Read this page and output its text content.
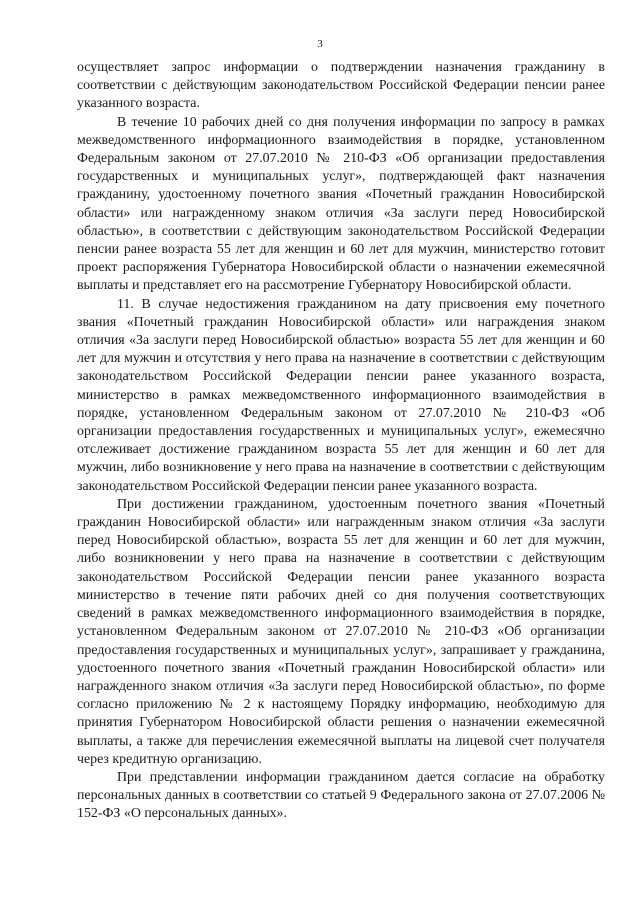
3

осуществляет запрос информации о подтверждении назначения гражданину в соответствии с действующим законодательством Российской Федерации пенсии ранее указанного возраста.

В течение 10 рабочих дней со дня получения информации по запросу в рамках межведомственного информационного взаимодействия в порядке, установленном Федеральным законом от 27.07.2010 № 210-ФЗ «Об организации предоставления государственных и муниципальных услуг», подтверждающей факт назначения гражданину, удостоенному почетного звания «Почетный гражданин Новосибирской области» или награжденному знаком отличия «За заслуги перед Новосибирской областью», в соответствии с действующим законодательством Российской Федерации пенсии ранее возраста 55 лет для женщин и 60 лет для мужчин, министерство готовит проект распоряжения Губернатора Новосибирской области о назначении ежемесячной выплаты и представляет его на рассмотрение Губернатору Новосибирской области.

11. В случае недостижения гражданином на дату присвоения ему почетного звания «Почетный гражданин Новосибирской области» или награждения знаком отличия «За заслуги перед Новосибирской областью» возраста 55 лет для женщин и 60 лет для мужчин и отсутствия у него права на назначение в соответствии с действующим законодательством Российской Федерации пенсии ранее указанного возраста, министерство в рамках межведомственного информационного взаимодействия в порядке, установленном Федеральным законом от 27.07.2010 № 210-ФЗ «Об организации предоставления государственных и муниципальных услуг», ежемесячно отслеживает достижение гражданином возраста 55 лет для женщин и 60 лет для мужчин, либо возникновение у него права на назначение в соответствии с действующим законодательством Российской Федерации пенсии ранее указанного возраста.

При достижении гражданином, удостоенным почетного звания «Почетный гражданин Новосибирской области» или награжденным знаком отличия «За заслуги перед Новосибирской областью», возраста 55 лет для женщин и 60 лет для мужчин, либо возникновении у него права на назначение в соответствии с действующим законодательством Российской Федерации пенсии ранее указанного возраста министерство в течение пяти рабочих дней со дня получения соответствующих сведений в рамках межведомственного информационного взаимодействия в порядке, установленном Федеральным законом от 27.07.2010 № 210-ФЗ «Об организации предоставления государственных и муниципальных услуг», запрашивает у гражданина, удостоенного почетного звания «Почетный гражданин Новосибирской области» или награжденного знаком отличия «За заслуги перед Новосибирской областью», по форме согласно приложению № 2 к настоящему Порядку информацию, необходимую для принятия Губернатором Новосибирской области решения о назначении ежемесячной выплаты, а также для перечисления ежемесячной выплаты на лицевой счет получателя через кредитную организацию.

При представлении информации гражданином дается согласие на обработку персональных данных в соответствии со статьей 9 Федерального закона от 27.07.2006 № 152-ФЗ «О персональных данных».
